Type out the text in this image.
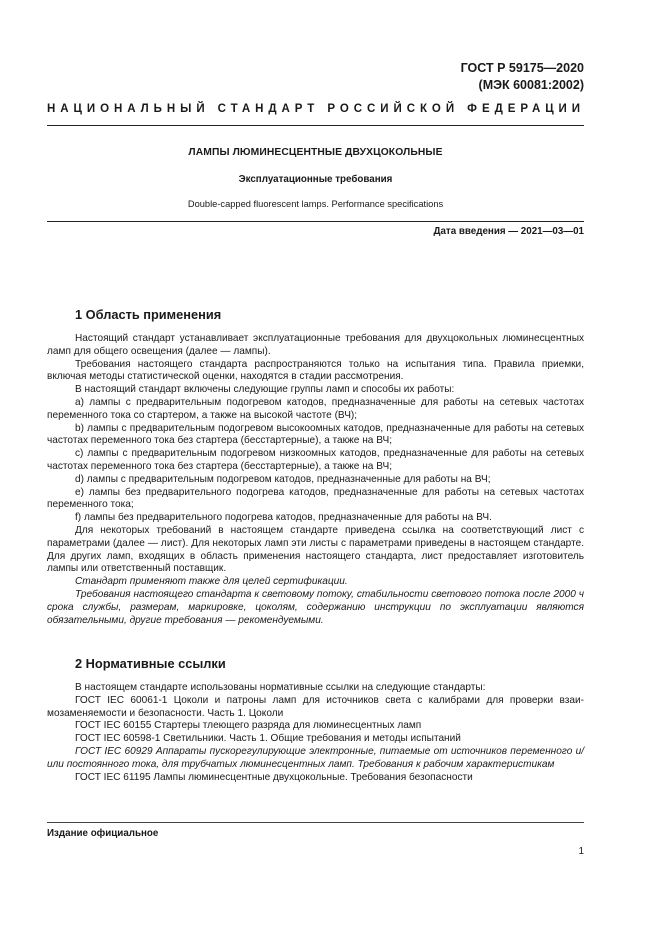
ГОСТ Р 59175—2020
(МЭК 60081:2002)
НАЦИОНАЛЬНЫЙ СТАНДАРТ РОССИЙСКОЙ ФЕДЕРАЦИИ
ЛАМПЫ ЛЮМИНЕСЦЕНТНЫЕ ДВУХЦОКОЛЬНЫЕ
Эксплуатационные требования
Double-capped fluorescent lamps. Performance specifications
Дата введения — 2021—03—01
1 Область применения

Настоящий стандарт устанавливает эксплуатационные требования для двухцокольных люминесцентных ламп для общего освещения (далее — лампы).

Требования настоящего стандарта распространяются только на испытания типа. Правила приемки, включая методы статистической оценки, находятся в стадии рассмотрения.

В настоящий стандарт включены следующие группы ламп и способы их работы:

a) лампы с предварительным подогревом катодов, предназначенные для работы на сетевых частотах переменного тока со стартером, а также на высокой частоте (ВЧ);

b) лампы с предварительным подогревом высокоомных катодов, предназначенные для работы на сетевых частотах переменного тока без стартера (бесстартерные), а также на ВЧ;

c) лампы с предварительным подогревом низкоомных катодов, предназначенные для работы на сетевых частотах переменного тока без стартера (бесстартерные), а также на ВЧ;

d) лампы с предварительным подогревом катодов, предназначенные для работы на ВЧ;

e) лампы без предварительного подогрева катодов, предназначенные для работы на сетевых частотах переменного тока;

f) лампы без предварительного подогрева катодов, предназначенные для работы на ВЧ.

Для некоторых требований в настоящем стандарте приведена ссылка на соответствующий лист с параметрами (далее — лист). Для некоторых ламп эти листы с параметрами приведены в настоящем стандарте. Для других ламп, входящих в область применения настоящего стандарта, лист предоставляет изготовитель лампы или ответственный поставщик.

Стандарт применяют также для целей сертификации.

Требования настоящего стандарта к световому потоку, стабильности светового потока после 2000 ч срока службы, размерам, маркировке, цоколям, содержанию инструкции по эксплуатации являются обязательными, другие требования — рекомендуемыми.

2 Нормативные ссылки

В настоящем стандарте использованы нормативные ссылки на следующие стандарты:

ГОСТ IEC 60061-1 Цоколи и патроны ламп для источников света с калибрами для проверки взаимозаменяемости и безопасности. Часть 1. Цоколи

ГОСТ IEC 60155 Стартеры тлеющего разряда для люминесцентных ламп

ГОСТ IEC 60598-1 Светильники. Часть 1. Общие требования и методы испытаний

ГОСТ IEC 60929 Аппараты пускорегулирующие электронные, питаемые от источников переменного и/или постоянного тока, для трубчатых люминесцентных ламп. Требования к рабочим характеристикам

ГОСТ IEC 61195 Лампы люминесцентные двухцокольные. Требования безопасности

Издание официальное
1
